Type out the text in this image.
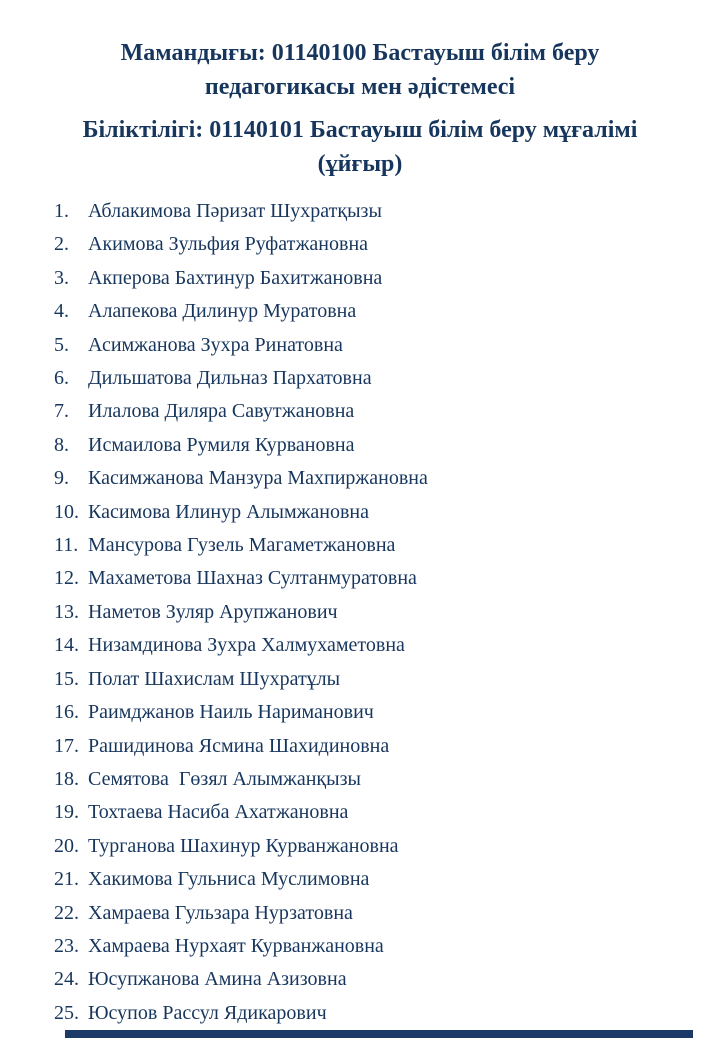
Мамандығы: 01140100 Бастауыш білім беру
педагогикасы мен әдістемесі
Біліктілігі: 01140101 Бастауыш білім беру мұғалімі
(ұйғыр)
1. Аблакимова Пәризат Шухратқызы
2. Акимова Зульфия Руфатжановна
3. Акперова Бахтинур Бахитжановна
4. Алапекова Дилинур Муратовна
5. Асимжанова Зухра Ринатовна
6. Дильшатова Дильназ Пархатовна
7. Илалова Диляра Савутжановна
8. Исмаилова Румиля Курвановна
9. Касимжанова Манзура Махпиржановна
10. Касимова Илинур Алымжановна
11. Мансурова Гузель Магаметжановна
12. Махаметова Шахназ Султанмуратовна
13. Наметов Зуляр Арупжанович
14. Низамдинова Зухра Халмухаметовна
15. Полат Шахислам Шухратұлы
16. Раимджанов Наиль Нариманович
17. Рашидинова Ясмина Шахидиновна
18. Семятова  Гөзял Алымжанқызы
19. Тохтаева Насиба Ахатжановна
20. Турганова Шахинур Курванжановна
21. Хакимова Гульниса Муслимовна
22. Хамраева Гульзара Нурзатовна
23. Хамраева Нурхаят Курванжановна
24. Юсупжанова Амина Азизовна
25. Юсупов Рассул Ядикарович
